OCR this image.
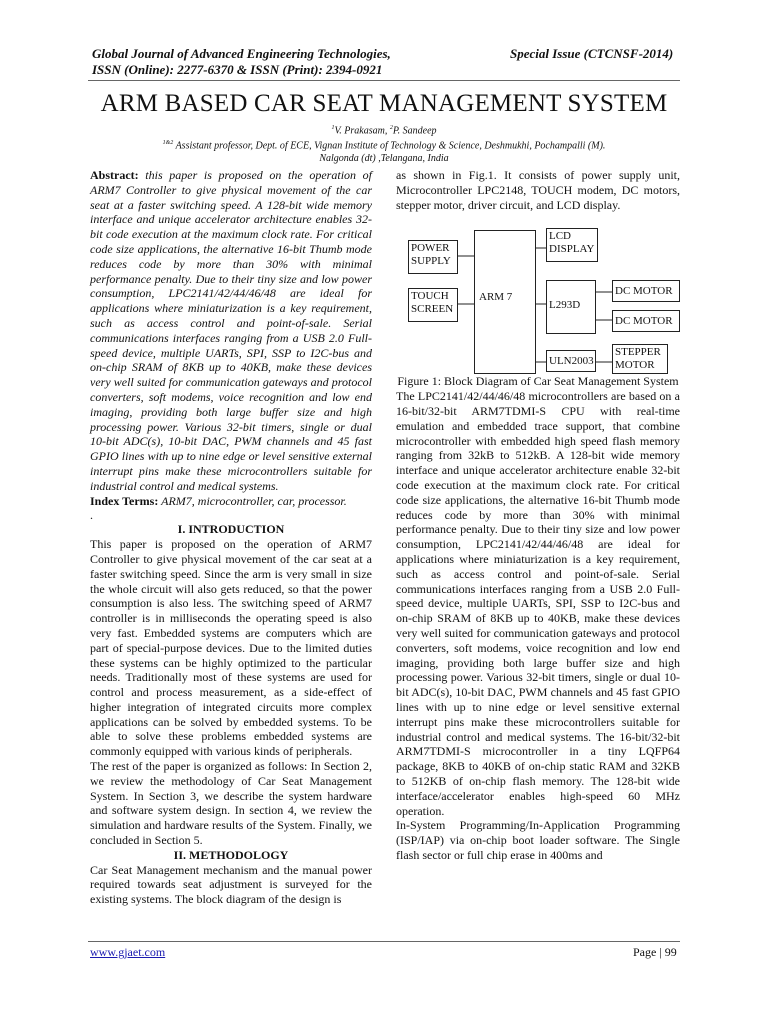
Global Journal of Advanced Engineering Technologies,
ISSN (Online): 2277-6370 & ISSN (Print): 2394-0921
Special Issue (CTCNSF-2014)
ARM BASED CAR SEAT MANAGEMENT SYSTEM
$^1$V. Prakasam, $^2$P. Sandeep
$^{1\&2}$ Assistant professor, Dept. of ECE, Vignan Institute of Technology & Science, Deshmukhi, Pochampalli (M).
Nalgonda (dt) ,Telangana, India

Abstract: this paper is proposed on the operation of ARM7 Controller to give physical movement of the car seat at a faster switching speed. A 128-bit wide memory interface and unique accelerator architecture enables 32-bit code execution at the maximum clock rate. For critical code size applications, the alternative 16-bit Thumb mode reduces code by more than 30% with minimal performance penalty. Due to their tiny size and low power consumption, LPC2141/42/44/46/48 are ideal for applications where miniaturization is a key requirement, such as access control and point-of-sale. Serial communications interfaces ranging from a USB 2.0 Full-speed device, multiple UARTs, SPI, SSP to I2C-bus and on-chip SRAM of 8KB up to 40KB, make these devices very well suited for communication gateways and protocol converters, soft modems, voice recognition and low end imaging, providing both large buffer size and high processing power. Various 32-bit timers, single or dual 10-bit ADC(s), 10-bit DAC, PWM channels and 45 fast GPIO lines with up to nine edge or level sensitive external interrupt pins make these microcontrollers suitable for industrial control and medical systems.

Index Terms: ARM7, microcontroller, car, processor.

.

I. INTRODUCTION

This paper is proposed on the operation of ARM7 Controller to give physical movement of the car seat at a faster switching speed. Since the arm is very small in size the whole circuit will also gets reduced, so that the power consumption is also less. The switching speed of ARM7 controller is in milliseconds the operating speed is also very fast. Embedded systems are computers which are part of special-purpose devices. Due to the limited duties these systems can be highly optimized to the particular needs. Traditionally most of these systems are used for control and process measurement, as a side-effect of higher integration of integrated circuits more complex applications can be solved by embedded systems. To be able to solve these problems embedded systems are commonly equipped with various kinds of peripherals.

The rest of the paper is organized as follows: In Section 2, we review the methodology of Car Seat Management System. In Section 3, we describe the system hardware and software system design. In section 4, we review the simulation and hardware results of the System. Finally, we concluded in Section 5.

II. METHODOLOGY

Car Seat Management mechanism and the manual power required towards seat adjustment is surveyed for the existing systems. The block diagram of the design is

as shown in Fig.1. It consists of power supply unit, Microcontroller LPC2148, TOUCH modem, DC motors, stepper motor, driver circuit, and LCD display.

POWER SUPPLY
TOUCH SCREEN
ARM 7
LCD DISPLAY
L293D
ULN2003
DC MOTOR
DC MOTOR
STEPPER MOTOR

Figure 1: Block Diagram of Car Seat Management System

The LPC2141/42/44/46/48 microcontrollers are based on a 16-bit/32-bit ARM7TDMI-S CPU with real-time emulation and embedded trace support, that combine microcontroller with embedded high speed flash memory ranging from 32kB to 512kB. A 128-bit wide memory interface and unique accelerator architecture enable 32-bit code execution at the maximum clock rate. For critical code size applications, the alternative 16-bit Thumb mode reduces code by more than 30% with minimal performance penalty. Due to their tiny size and low power consumption, LPC2141/42/44/46/48 are ideal for applications where miniaturization is a key requirement, such as access control and point-of-sale. Serial communications interfaces ranging from a USB 2.0 Full-speed device, multiple UARTs, SPI, SSP to I2C-bus and on-chip SRAM of 8KB up to 40KB, make these devices very well suited for communication gateways and protocol converters, soft modems, voice recognition and low end imaging, providing both large buffer size and high processing power. Various 32-bit timers, single or dual 10-bit ADC(s), 10-bit DAC, PWM channels and 45 fast GPIO lines with up to nine edge or level sensitive external interrupt pins make these microcontrollers suitable for industrial control and medical systems. The 16-bit/32-bit ARM7TDMI-S microcontroller in a tiny LQFP64 package, 8KB to 40KB of on-chip static RAM and 32KB to 512KB of on-chip flash memory. The 128-bit wide interface/accelerator enables high-speed 60 MHz operation.

In-System Programming/In-Application Programming (ISP/IAP) via on-chip boot loader software. The Single flash sector or full chip erase in 400ms and

www.gjaet.com	Page | 99
